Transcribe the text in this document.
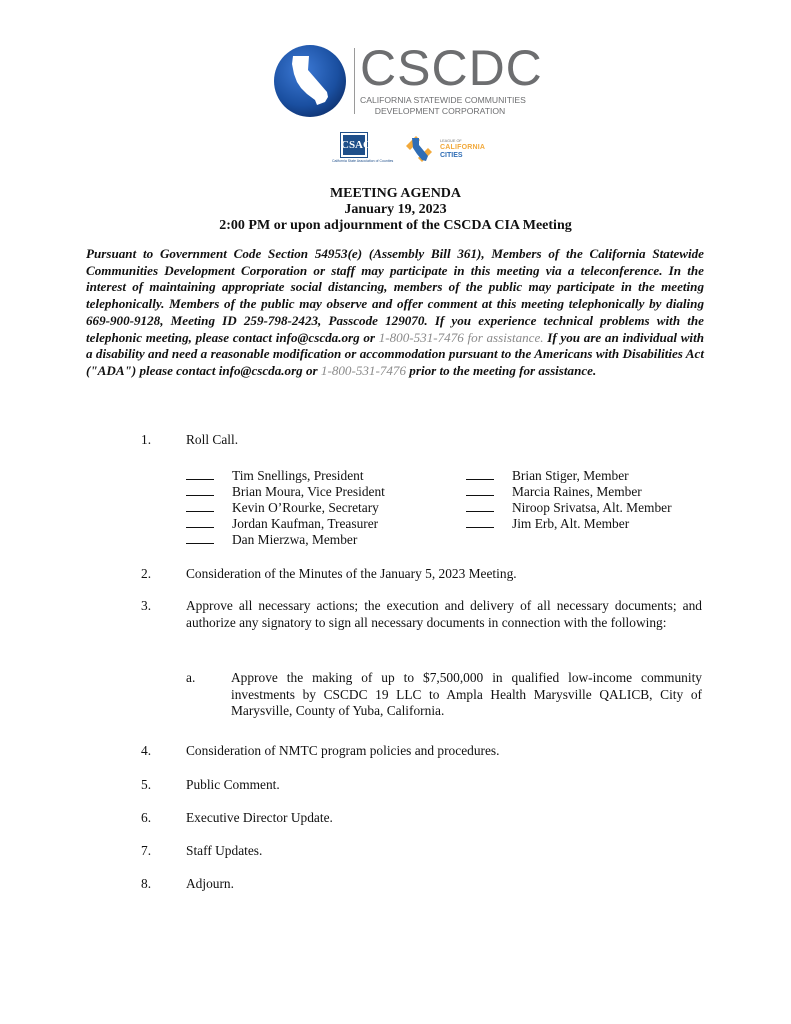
CSCDC
CALIFORNIA STATEWIDE COMMUNITIES
DEVELOPMENT CORPORATION
CSAC
California State Association of Counties
LEAGUE OF
CALIFORNIA
CITIES
MEETING AGENDA
January 19, 2023
2:00 PM or upon adjournment of the CSCDA CIA Meeting
Pursuant to Government Code Section 54953(e) (Assembly Bill 361), Members of the California Statewide Communities Development Corporation or staff may participate in this meeting via a teleconference. In the interest of maintaining appropriate social distancing, members of the public may participate in the meeting telephonically. Members of the public may observe and offer comment at this meeting telephonically by dialing 669-900-9128, Meeting ID 259-798-2423, Passcode 129070. If you experience technical problems with the telephonic meeting, please contact info@cscda.org or 1-800-531-7476 for assistance. If you are an individual with a disability and need a reasonable modification or accommodation pursuant to the Americans with Disabilities Act ("ADA") please contact info@cscda.org or 1-800-531-7476 prior to the meeting for assistance.
1.	Roll Call.
Tim Snellings, President
Brian Moura, Vice President
Kevin O’Rourke, Secretary
Jordan Kaufman, Treasurer
Dan Mierzwa, Member
Brian Stiger, Member
Marcia Raines, Member
Niroop Srivatsa, Alt. Member
Jim Erb, Alt. Member
2.	Consideration of the Minutes of the January 5, 2023 Meeting.
3.	Approve all necessary actions; the execution and delivery of all necessary documents; and authorize any signatory to sign all necessary documents in connection with the following:
a.	Approve the making of up to $7,500,000 in qualified low-income community investments by CSCDC 19 LLC to Ampla Health Marysville QALICB, City of Marysville, County of Yuba, California.
4.	Consideration of NMTC program policies and procedures.
5.	Public Comment.
6.	Executive Director Update.
7.	Staff Updates.
8.	Adjourn.
